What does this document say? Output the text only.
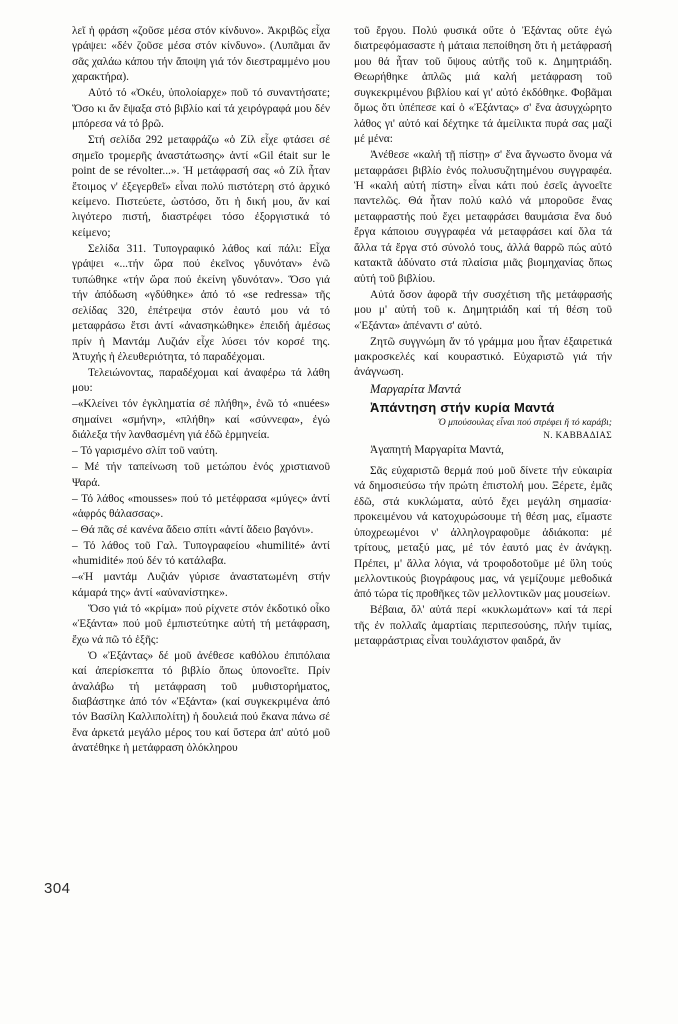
304

λεῖ ἡ φράση «ζοῦσε μέσα στόν κίνδυνο». Ἀκριβῶς εἶχα γράψει: «δέν ζοῦσε μέσα στόν κίνδυνο». (Λυπᾶμαι ἄν σᾶς χαλάω κάπου τήν ἄποψη γιά τόν διεστραμμένο μου χαρακτήρα).

Αὐτό τό «Ὀκέυ, ὑπολοίαρχε» ποῦ τό συναντήσατε; Ὅσο κι ἄν ἔψαξα στό βιβλίο καί τά χειρόγραφά μου δέν μπόρεσα νά τό βρῶ.

Στή σελίδα 292 μεταφράζω «ὁ Ζίλ εἶχε φτάσει σέ σημεῖο τρομερῆς ἀναστάτωσης» ἀντί «Gil était sur le point de se révolter...». Ἡ μετάφρασή σας «ὁ Ζίλ ἦταν ἕτοιμος ν' ἐξεγερθεῖ» εἶναι πολύ πιστότερη στό ἀρχικό κείμενο. Πιστεύετε, ὡστόσο, ὅτι ἡ δική μου, ἄν καί λιγότερο πιστή, διαστρέφει τόσο ἐξοργιστικά τό κείμενο;

Σελίδα 311. Τυπογραφικό λάθος καί πάλι: Εἶχα γράψει «...τήν ὥρα πού ἐκεῖνος γδυνόταν» ἐνῶ τυπώθηκε «τήν ὥρα πού ἐκείνη γδυνόταν». Ὅσο γιά τήν ἀπόδωση «γδύθηκε» ἀπό τό «se redressa» τῆς σελίδας 320, ἐπέτρεψα στόν ἑαυτό μου νά τό μεταφράσω ἔτσι ἀντί «ἀνασηκώθηκε» ἐπειδή ἀμέσως πρίν ἡ Μαντάμ Λυζιάν εἶχε λύσει τόν κορσέ της. Ἀτυχής ἡ ἐλευθεριότητα, τό παραδέχομαι.

Τελειώνοντας, παραδέχομαι καί ἀναφέρω τά λάθη μου:

–«Κλείνει τόν ἐγκληματία σέ πλήθη», ἐνῶ τό «nuées» σημαίνει «σμήνη», «πλήθη» καί «σύννεφα», ἐγώ διάλεξα τήν λανθασμένη γιά ἐδῶ ἑρμηνεία.

– Τό γαρισμένο σλίπ τοῦ ναύτη.

– Μέ τήν ταπείνωση τοῦ μετώπου ἑνός χριστιανοῦ Ψαρά.

– Τό λάθος «mousses» πού τό μετέφρασα «μύγες» ἀντί «ἀφρός θάλασσας».

– Θά πᾶς σέ κανένα ἄδειο σπίτι «ἀντί ἄδειο βαγόνι».

– Τό λάθος τοῦ Γαλ. Τυπογραφείου «humilité» ἀντί «humidité» πού δέν τό κατάλαβα.

–«Ἡ μαντάμ Λυζιάν γύρισε ἀναστατωμένη στήν κάμαρά της» ἀντί «αὐνανίστηκε».

Ὅσο γιά τό «κρίμα» πού ρίχνετε στόν ἐκδοτικό οἶκο «Ἐξάντα» πού μοῦ ἐμπιστεύτηκε αὐτή τή μετάφραση, ἔχω νά πῶ τό ἑξῆς:

Ὁ «Ἐξάντας» δέ μοῦ ἀνέθεσε καθόλου ἐπιπόλαια καί ἀπερίσκεπτα τό βιβλίο ὅπως ὑπονοεῖτε. Πρίν ἀναλάβω τή μετάφραση τοῦ μυθιστορήματος, διαβάστηκε ἀπό τόν «Ἐξάντα» (καί συγκεκριμένα ἀπό τόν Βασίλη Καλλιπολίτη) ἡ δουλειά πού ἔκανα πάνω σέ ἕνα ἀρκετά μεγάλο μέρος του καί ὕστερα ἀπ' αὐτό μοῦ ἀνατέθηκε ἡ μετάφραση ὁλόκληρου

τοῦ ἔργου. Πολύ φυσικά οὔτε ὁ Ἐξάντας οὔτε ἐγώ διατρεφόμασαστε ἡ μάταια πεποίθηση ὅτι ἡ μετάφρασή μου θά ἦταν τοῦ ὕψους αὐτῆς τοῦ κ. Δημητριάδη. Θεωρήθηκε ἁπλῶς μιά καλή μετάφραση τοῦ συγκεκριμένου βιβλίου καί γι' αὐτό ἐκδόθηκε. Φοβᾶμαι ὅμως ὅτι ὑπέπεσε καί ὁ «Ἐξάντας» σ' ἕνα ἀσυγχώρητο λάθος γι' αὐτό καί δέχτηκε τά ἀμείλικτα πυρά σας μαζί μέ μένα:

Ἀνέθεσε «καλή τῇ πίστῃ» σ' ἕνα ἄγνωστο ὄνομα νά μεταφράσει βιβλίο ἑνός πολυσυζητημένου συγγραφέα. Ἡ «καλή αὐτή πίστη» εἶναι κάτι πού ἐσεῖς ἀγνοεῖτε παντελῶς. Θά ἦταν πολύ καλό νά μποροῦσε ἕνας μεταφραστής πού ἔχει μεταφράσει θαυμάσια ἕνα δυό ἔργα κάποιου συγγραφέα νά μεταφράσει καί ὅλα τά ἄλλα τά ἔργα στό σύνολό τους, ἀλλά θαρρῶ πώς αὐτό κατακτᾶ ἀδύνατο στά πλαίσια μιᾶς βιομηχανίας ὅπως αὐτή τοῦ βιβλίου.

Αὐτά ὅσον ἀφορᾶ τήν συσχέτιση τῆς μετάφρασής μου μ' αὐτή τοῦ κ. Δημητριάδη καί τή θέση τοῦ «Ἐξάντα» ἀπέναντι σ' αὐτό.

Ζητῶ συγγνώμη ἄν τό γράμμα μου ἦταν ἐξαιρετικά μακροσκελές καί κουραστικό. Εὐχαριστῶ γιά τήν ἀνάγνωση.

Μαργαρίτα Μαντά

Ἀπάντηση στήν κυρία Μαντά

Ὁ μπούσουλας εἶναι πού στρέφει ἤ τό καράβι;

Ν. ΚΑΒΒΑΔΙΑΣ

Ἀγαπητή Μαργαρίτα Μαντά,

Σᾶς εὐχαριστῶ θερμά πού μοῦ δίνετε τήν εὐκαιρία νά δημοσιεύσω τήν πρώτη ἐπιστολή μου. Ξέρετε, ἐμᾶς ἐδῶ, στά κυκλώματα, αὐτό ἔχει μεγάλη σημασία· προκειμένου νά κατοχυρώσουμε τή θέση μας, εἴμαστε ὑποχρεωμένοι ν' ἀλληλογραφοῦμε ἀδιάκοπα: μέ τρίτους, μεταξύ μας, μέ τόν ἑαυτό μας ἐν ἀνάγκῃ. Πρέπει, μ' ἄλλα λόγια, νά τροφοδοτοῦμε μέ ὕλη τούς μελλοντικούς βιογράφους μας, νά γεμίζουμε μεθοδικά ἀπό τώρα τίς προθῆκες τῶν μελλοντικῶν μας μουσείων.

Βέβαια, ὅλ' αὐτά περί «κυκλωμάτων» καί τά περί τῆς ἐν πολλαῖς ἁμαρτίαις περιπεσούσης, πλήν τιμίας, μεταφράστριας εἶναι τουλάχιστον φαιδρά, ἄν
